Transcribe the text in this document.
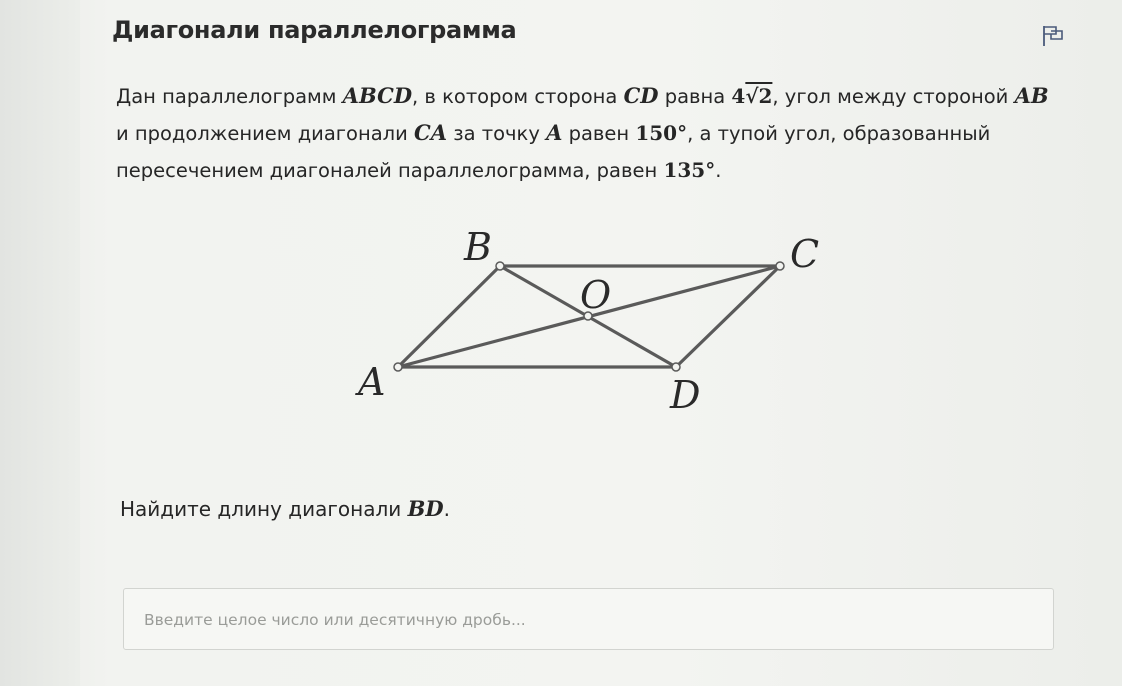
Диагонали параллелограмма
Дан параллелограмм ABCD, в котором сторона CD равна 4√2, угол между стороной AB
и продолжением диагонали CA за точку A равен 150°, а тупой угол, образованный
пересечением диагоналей параллелограмма, равен 135°.
A
B	C
D
O
Найдите длину диагонали BD.
Введите целое число или десятичную дробь...
